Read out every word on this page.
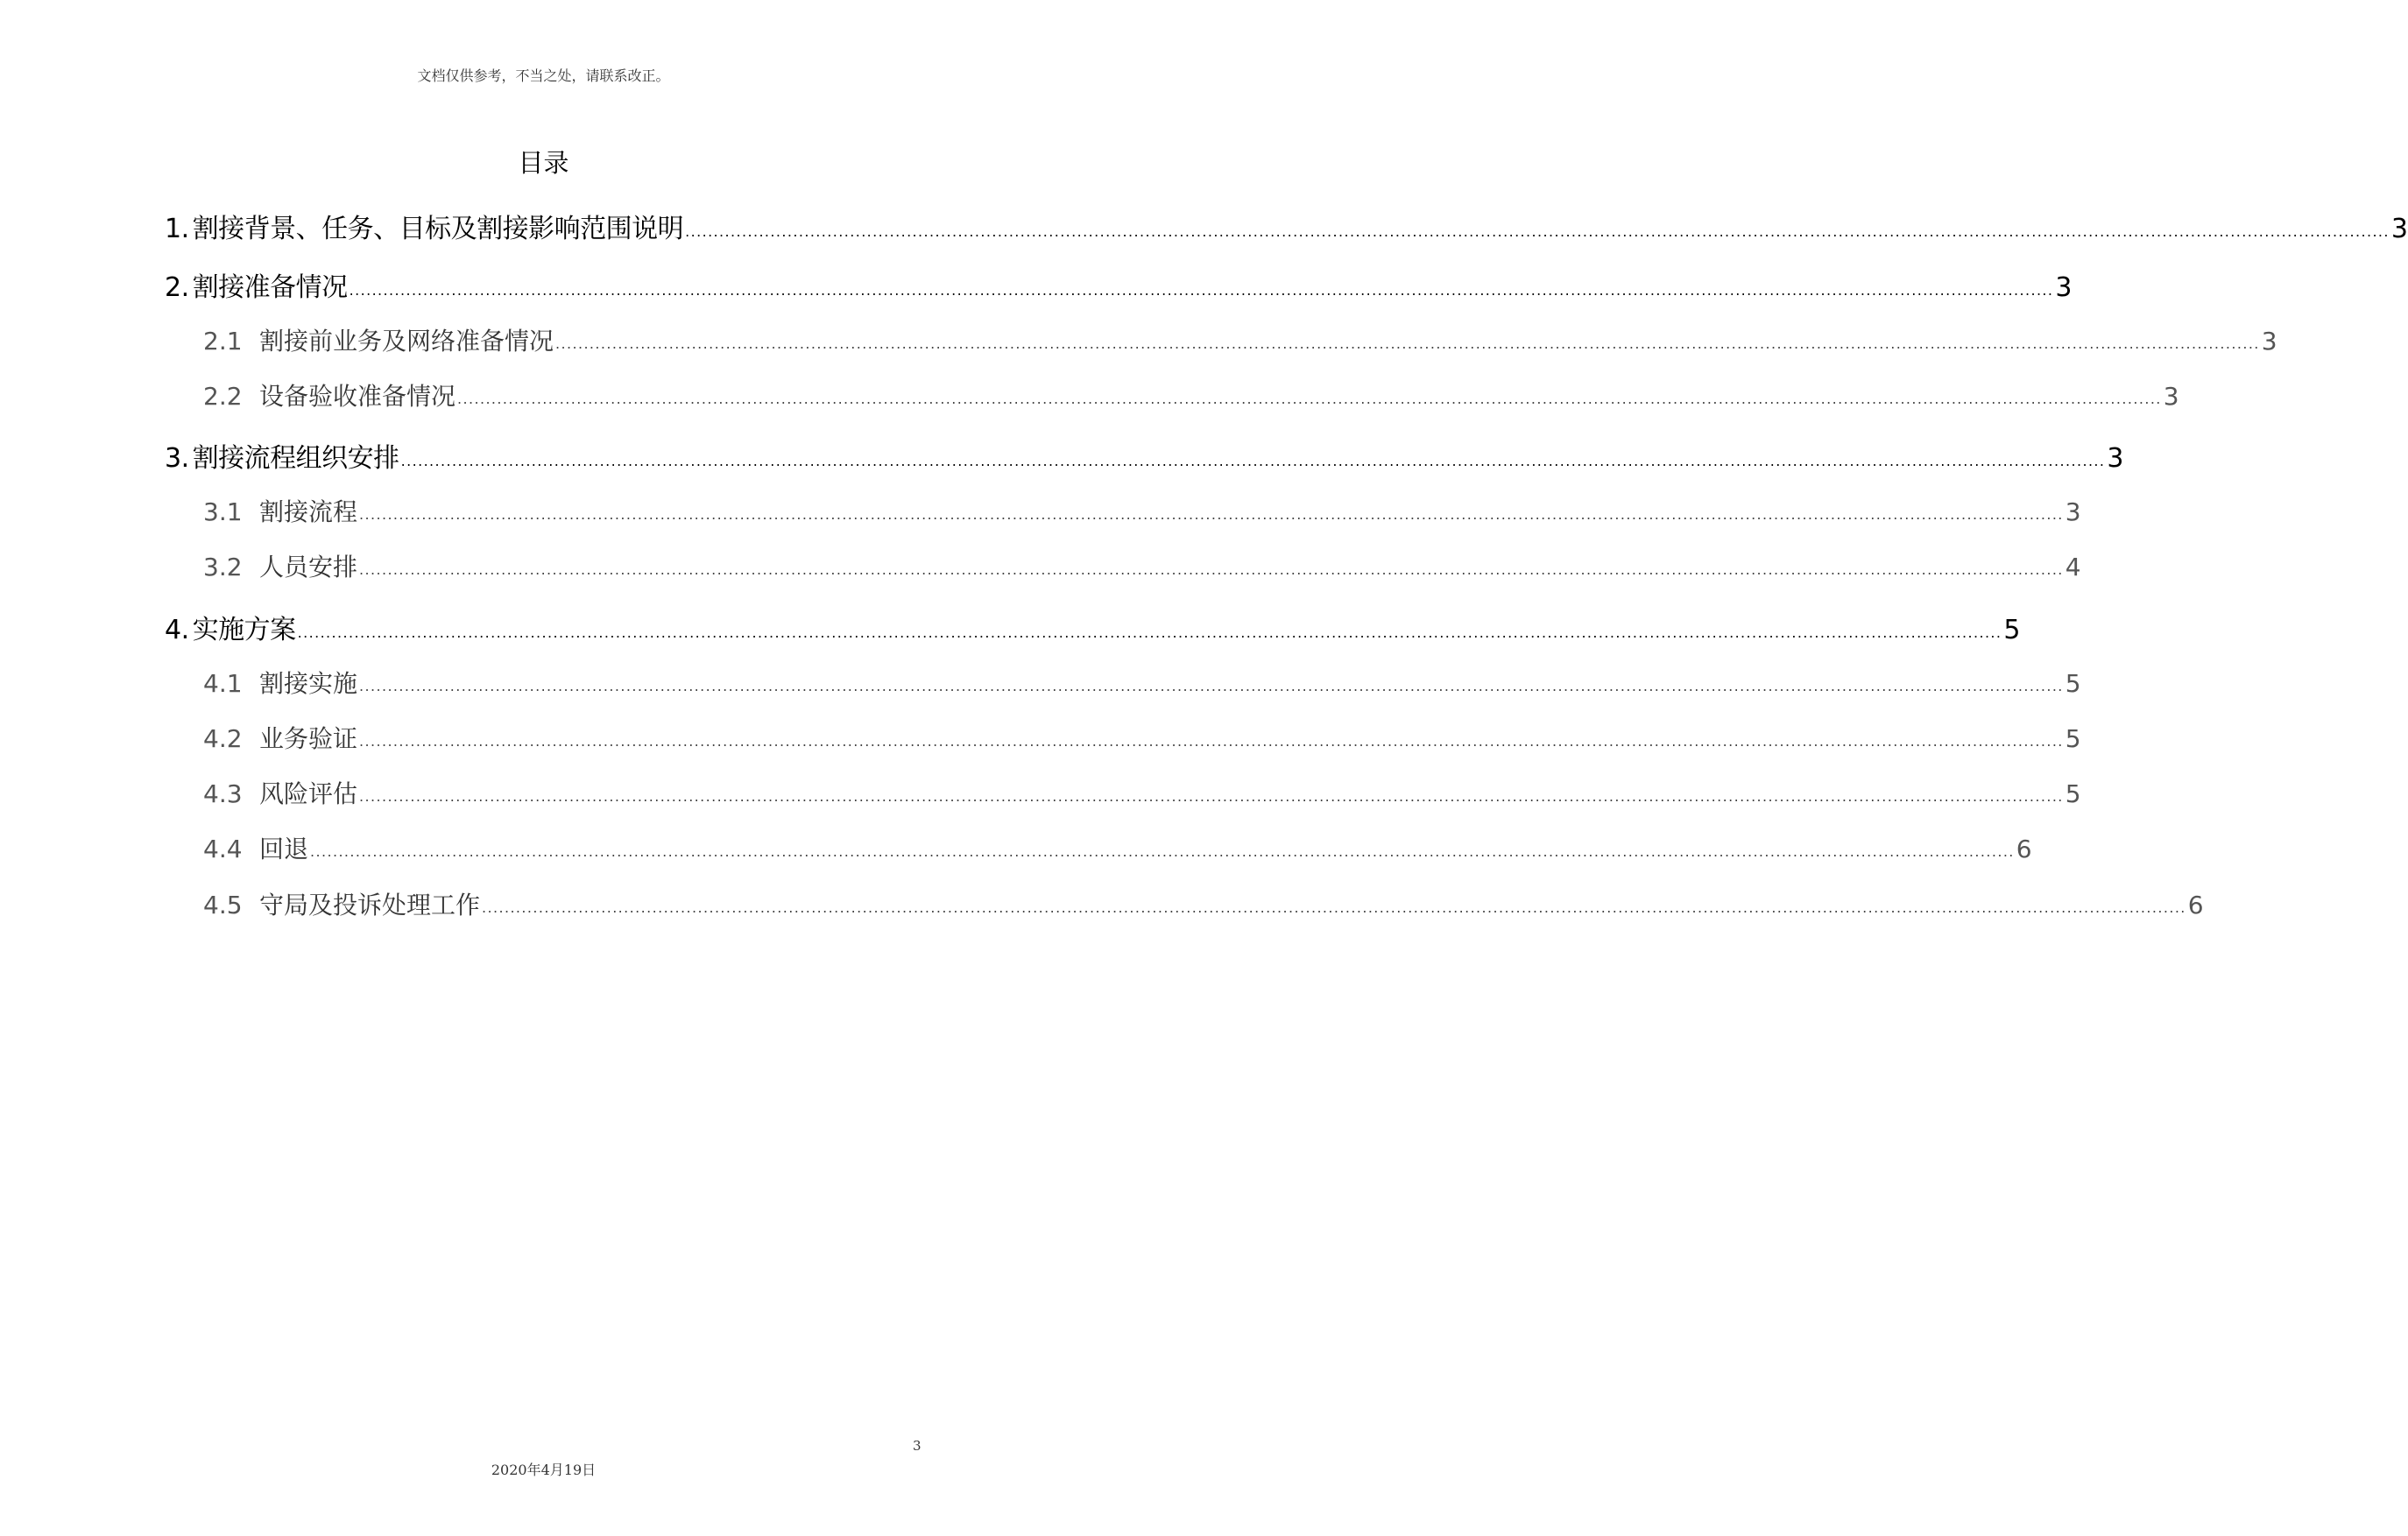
文档仅供参考，不当之处，请联系改正。
目录
1. 割接背景、任务、目标及割接影响范围说明 ............................................................................................................................................................................................................................................................................................................ 3
2. 割接准备情况 ............................................................................................................................................................................................................................................................................................................ 3
2.1 割接前业务及网络准备情况 ............................................................................................................................................................................................................................................................................................................ 3
2.2 设备验收准备情况 ............................................................................................................................................................................................................................................................................................................ 3
3. 割接流程组织安排 ............................................................................................................................................................................................................................................................................................................ 3
3.1 割接流程 ............................................................................................................................................................................................................................................................................................................ 3
3.2 人员安排 ............................................................................................................................................................................................................................................................................................................ 4
4. 实施方案 ............................................................................................................................................................................................................................................................................................................ 5
4.1 割接实施 ............................................................................................................................................................................................................................................................................................................ 5
4.2 业务验证 ............................................................................................................................................................................................................................................................................................................ 5
4.3 风险评估 ............................................................................................................................................................................................................................................................................................................ 5
4.4 回退 ............................................................................................................................................................................................................................................................................................................ 6
4.5 守局及投诉处理工作 ............................................................................................................................................................................................................................................................................................................ 6
3
2020年4月19日
